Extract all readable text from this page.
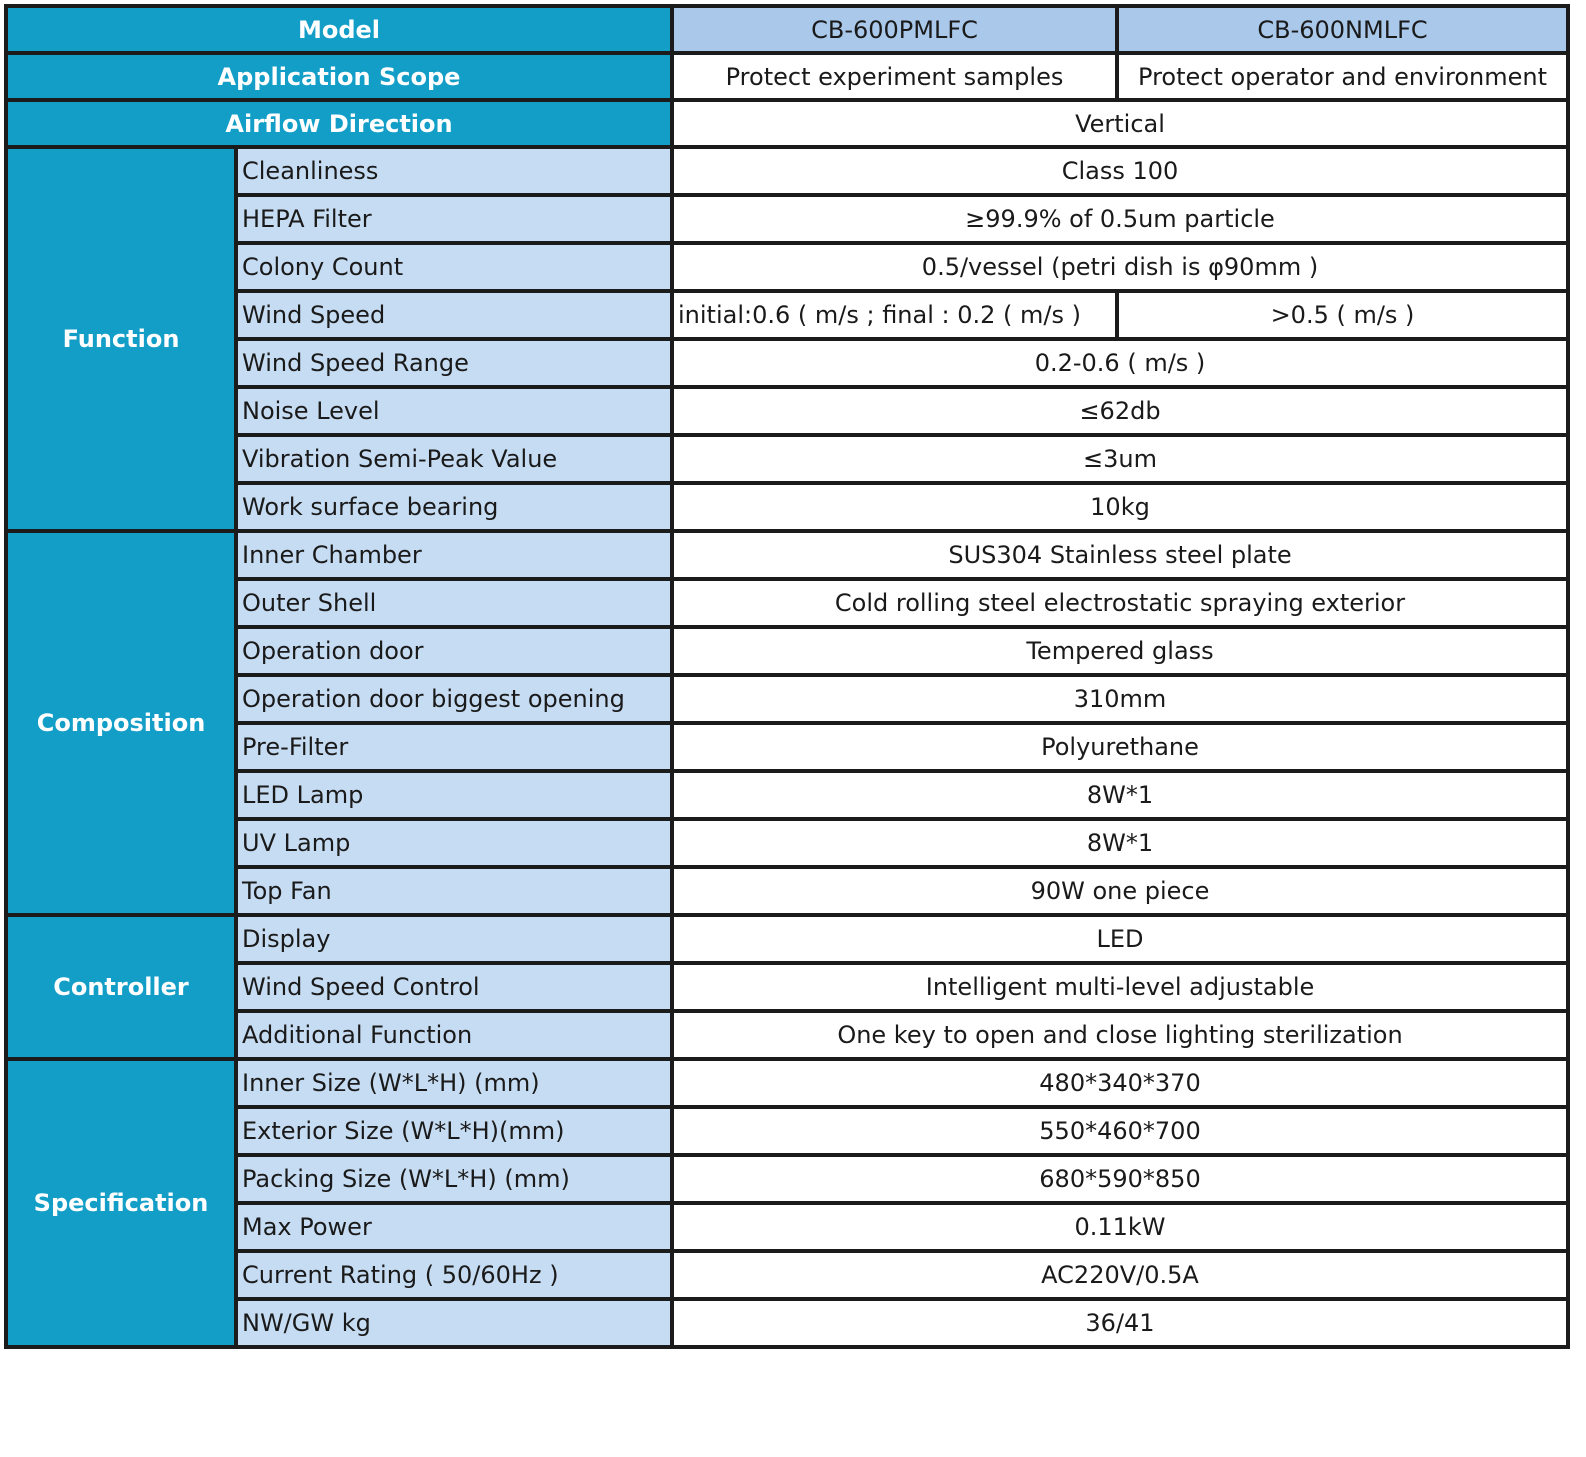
Model		CB-600PMLFC	CB-600NMLFC
Application Scope		Protect experiment samples	Protect operator and environment
Airflow Direction		Vertical	
Function	Cleanliness	Class 100	
	HEPA Filter	≥99.9% of 0.5um particle	
	Colony Count	0.5/vessel (petri dish is φ90mm )	
	Wind Speed	initial:0.6 ( m/s ; final : 0.2 ( m/s )	>0.5 ( m/s )
	Wind Speed Range	0.2-0.6 ( m/s )	
	Noise Level	≤62db	
	Vibration Semi-Peak Value	≤3um	
	Work surface bearing	10kg	
Composition	Inner Chamber	SUS304 Stainless steel plate	
	Outer Shell	Cold rolling steel electrostatic spraying exterior	
	Operation door	Tempered glass	
	Operation door biggest opening	310mm	
	Pre-Filter	Polyurethane	
	LED Lamp	8W*1	
	UV Lamp	8W*1	
	Top Fan	90W one piece	
Controller	Display	LED	
	Wind Speed Control	Intelligent multi-level adjustable	
	Additional Function	One key to open and close lighting sterilization	
Specification	Inner Size (W*L*H) (mm)	480*340*370	
	Exterior Size (W*L*H)(mm)	550*460*700	
	Packing Size (W*L*H) (mm)	680*590*850	
	Max Power	0.11kW	
	Current Rating ( 50/60Hz )	AC220V/0.5A	
	NW/GW kg	36/41	
